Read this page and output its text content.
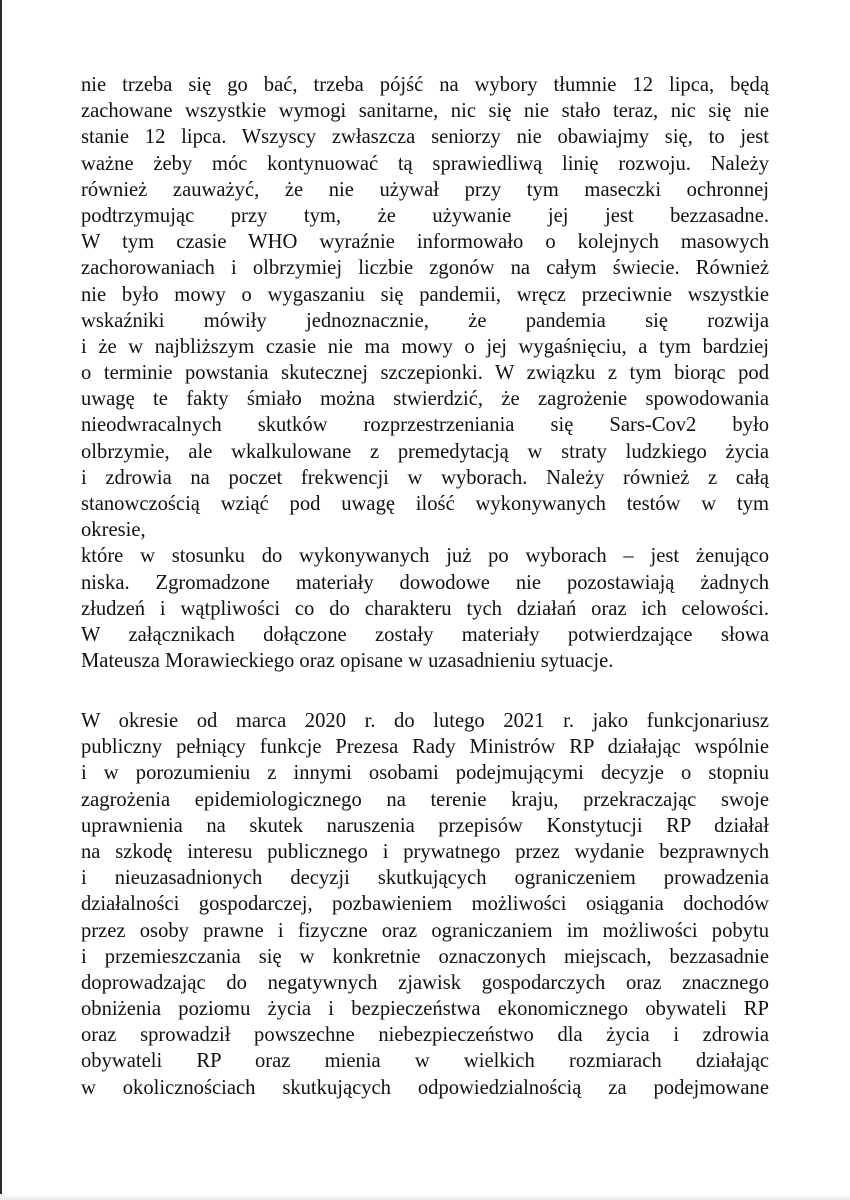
nie trzeba się go bać, trzeba pójść na wybory tłumnie 12 lipca, będą
zachowane wszystkie wymogi sanitarne, nic się nie stało teraz, nic się nie
stanie 12 lipca. Wszyscy zwłaszcza seniorzy nie obawiajmy się, to jest
ważne żeby móc kontynuować tą sprawiedliwą linię rozwoju. Należy
również zauważyć, że nie używał przy tym maseczki ochronnej
podtrzymując przy tym, że używanie jej jest bezzasadne.
W tym czasie WHO wyraźnie informowało o kolejnych masowych
zachorowaniach i olbrzymiej liczbie zgonów na całym świecie. Również
nie było mowy o wygaszaniu się pandemii, wręcz przeciwnie wszystkie
wskaźniki mówiły jednoznacznie, że pandemia się rozwija
i że w najbliższym czasie nie ma mowy o jej wygaśnięciu, a tym bardziej
o terminie powstania skutecznej szczepionki. W związku z tym biorąc pod
uwagę te fakty śmiało można stwierdzić, że zagrożenie spowodowania
nieodwracalnych skutków rozprzestrzeniania się Sars-Cov2 było
olbrzymie, ale wkalkulowane z premedytacją w straty ludzkiego życia
i zdrowia na poczet frekwencji w wyborach. Należy również z całą
stanowczością wziąć pod uwagę ilość wykonywanych testów w tym
okresie,
które w stosunku do wykonywanych już po wyborach – jest żenująco
niska. Zgromadzone materiały dowodowe nie pozostawiają żadnych
złudzeń i wątpliwości co do charakteru tych działań oraz ich celowości.
W załącznikach dołączone zostały materiały potwierdzające słowa
Mateusza Morawieckiego oraz opisane w uzasadnieniu sytuacje.
W okresie od marca 2020 r. do lutego 2021 r. jako funkcjonariusz
publiczny pełniący funkcje Prezesa Rady Ministrów RP działając wspólnie
i w porozumieniu z innymi osobami podejmującymi decyzje o stopniu
zagrożenia epidemiologicznego na terenie kraju, przekraczając swoje
uprawnienia na skutek naruszenia przepisów Konstytucji RP działał
na szkodę interesu publicznego i prywatnego przez wydanie bezprawnych
i nieuzasadnionych decyzji skutkujących ograniczeniem prowadzenia
działalności gospodarczej, pozbawieniem możliwości osiągania dochodów
przez osoby prawne i fizyczne oraz ograniczaniem im możliwości pobytu
i przemieszczania się w konkretnie oznaczonych miejscach, bezzasadnie
doprowadzając do negatywnych zjawisk gospodarczych oraz znacznego
obniżenia poziomu życia i bezpieczeństwa ekonomicznego obywateli RP
oraz sprowadził powszechne niebezpieczeństwo dla życia i zdrowia
obywateli RP oraz mienia w wielkich rozmiarach działając
w okolicznościach skutkujących odpowiedzialnością za podejmowane
